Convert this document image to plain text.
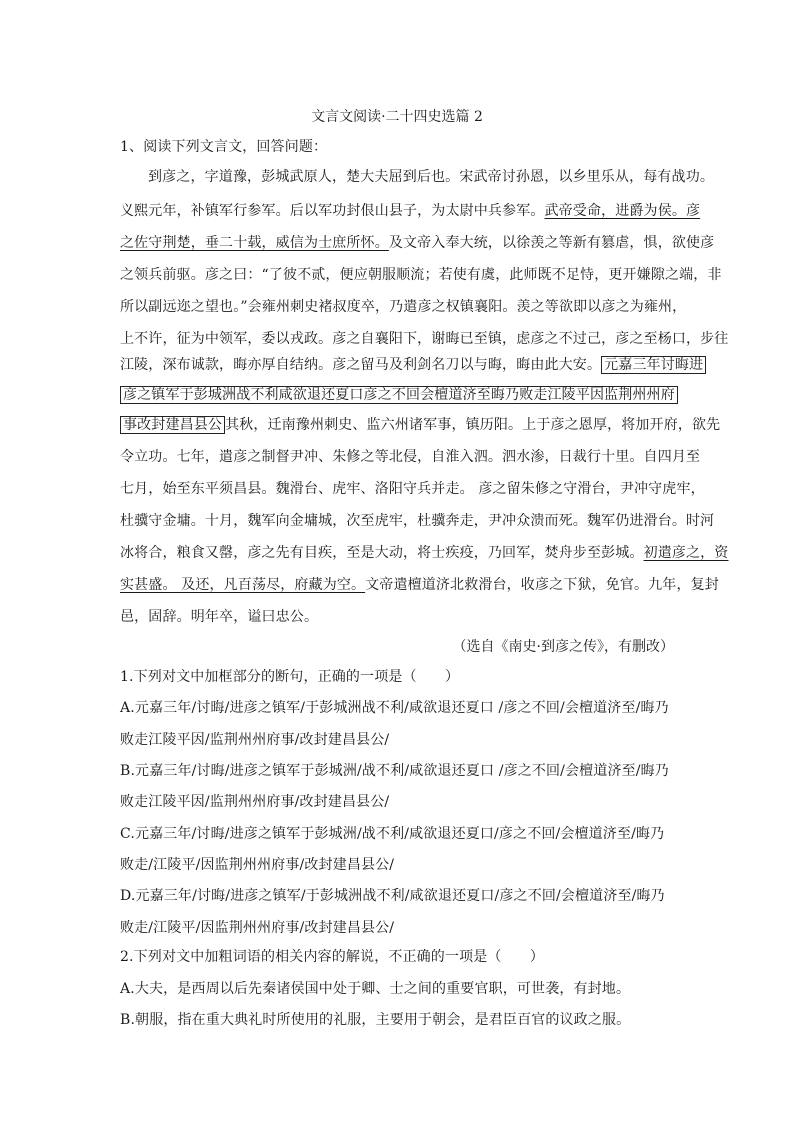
文言文阅读·二十四史选篇 2
1、阅读下列文言文，回答问题：
到彦之，字道豫，彭城武原人，楚大夫屈到后也。宋武帝讨孙恩，以乡里乐从，每有战功。
义熙元年，补镇军行参军。后以军功封佷山县子，为太尉中兵参军。武帝受命，进爵为侯。彦
之佐守荆楚，垂二十载，威信为士庶所怀。及文帝入奉大统，以徐羡之等新有篡虐，惧，欲使彦
之领兵前驱。彦之曰：“了彼不贰，便应朝服顺流；若使有虞，此师既不足恃，更开嫌隙之端，非
所以副远迩之望也。”会雍州刺史褚叔度卒，乃遣彦之权镇襄阳。羡之等欲即以彦之为雍州，
上不许，征为中领军，委以戎政。彦之自襄阳下，谢晦已至镇，虑彦之不过己，彦之至杨口，步往
江陵，深布诚款，晦亦厚自结纳。彦之留马及利剑名刀以与晦，晦由此大安。 元嘉三年讨晦进
彦之镇军于彭城洲战不利咸欲退还夏口彦之不回会檀道济至晦乃败走江陵平因监荆州州府
事改封建昌县公 其秋，迁南豫州刺史、监六州诸军事，镇历阳。上于彦之恩厚，将加开府，欲先
令立功。七年，遣彦之制督尹冲、朱修之等北侵，自淮入泗。泗水渗，日裁行十里。自四月至
七月，始至东平须昌县。魏滑台、虎牢、洛阳守兵并走。 彦之留朱修之守滑台，尹冲守虎牢，
杜骥守金墉。十月，魏军向金墉城，次至虎牢，杜骥奔走，尹冲众溃而死。魏军仍进滑台。时河
冰将合，粮食又罄，彦之先有目疾，至是大动，将士疾疫，乃回军，焚舟步至彭城。初遣彦之，资
实甚盛。 及还，凡百荡尽，府藏为空。文帝遣檀道济北救滑台，收彦之下狱，免官。九年，复封
邑，固辞。明年卒，谥曰忠公。
（选自《南史·到彦之传》，有删改）
1.下列对文中加框部分的断句，正确的一项是（　　）
A.元嘉三年/讨晦/进彦之镇军/于彭城洲战不利/咸欲退还夏口 /彦之不回/会檀道济至/晦乃
败走江陵平因/监荆州州府事/改封建昌县公/
B.元嘉三年/讨晦/进彦之镇军于彭城洲/战不利/咸欲退还夏口 /彦之不回/会檀道济至/晦乃
败走江陵平因/监荆州州府事/改封建昌县公/
C.元嘉三年/讨晦/进彦之镇军于彭城洲/战不利/咸欲退还夏口/彦之不回/会檀道济至/晦乃
败走/江陵平/因监荆州州府事/改封建昌县公/
D.元嘉三年/讨晦/进彦之镇军/于彭城洲战不利/咸欲退还夏口/彦之不回/会檀道济至/晦乃
败走/江陵平/因监荆州州府事/改封建昌县公/
2.下列对文中加粗词语的相关内容的解说，不正确的一项是（　　）
A.大夫，是西周以后先秦诸侯国中处于卿、士之间的重要官职，可世袭，有封地。
B.朝服，指在重大典礼时所使用的礼服，主要用于朝会，是君臣百官的议政之服。
